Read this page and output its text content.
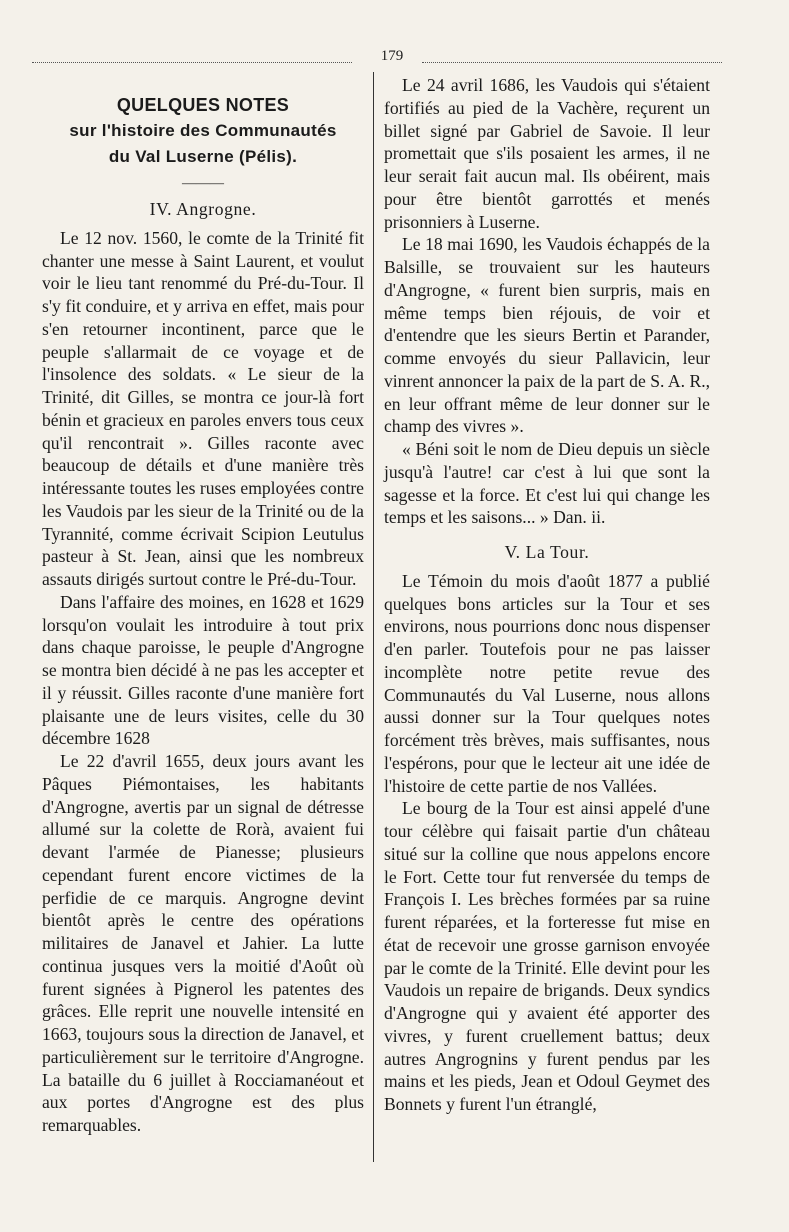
179
QUELQUES NOTES
sur l'histoire des Communautés
du Val Luserne (Pélis).
———
IV. Angrogne.

Le 12 nov. 1560, le comte de la Trinité fit chanter une messe à Saint Laurent, et voulut voir le lieu tant renommé du Pré-du-Tour. Il s'y fit conduire, et y arriva en effet, mais pour s'en retourner incontinent, parce que le peuple s'allarmait de ce voyage et de l'insolence des soldats. « Le sieur de la Trinité, dit Gilles, se montra ce jour-là fort bénin et gracieux en paroles envers tous ceux qu'il rencontrait ». Gilles raconte avec beaucoup de détails et d'une manière très intéressante toutes les ruses employées contre les Vaudois par les sieur de la Trinité ou de la Tyrannité, comme écrivait Scipion Leutulus pasteur à St. Jean, ainsi que les nombreux assauts dirigés surtout contre le Pré-du-Tour.

Dans l'affaire des moines, en 1628 et 1629 lorsqu'on voulait les introduire à tout prix dans chaque paroisse, le peuple d'Angrogne se montra bien décidé à ne pas les accepter et il y réussit. Gilles raconte d'une manière fort plaisante une de leurs visites, celle du 30 décembre 1628

Le 22 d'avril 1655, deux jours avant les Pâques Piémontaises, les habitants d'Angrogne, avertis par un signal de détresse allumé sur la colette de Rorà, avaient fui devant l'armée de Pianesse; plusieurs cependant furent encore victimes de la perfidie de ce marquis. Angrogne devint bientôt après le centre des opérations militaires de Janavel et Jahier. La lutte continua jusques vers la moitié d'Août où furent signées à Pignerol les patentes des grâces. Elle reprit une nouvelle intensité en 1663, toujours sous la direction de Janavel, et particulièrement sur le territoire d'Angrogne. La bataille du 6 juillet à Rocciamanéout et aux portes d'Angrogne est des plus remarquables.

Le 24 avril 1686, les Vaudois qui s'étaient fortifiés au pied de la Vachère, reçurent un billet signé par Gabriel de Savoie. Il leur promettait que s'ils posaient les armes, il ne leur serait fait aucun mal. Ils obéirent, mais pour être bientôt garrottés et menés prisonniers à Luserne.

Le 18 mai 1690, les Vaudois échappés de la Balsille, se trouvaient sur les hauteurs d'Angrogne, « furent bien surpris, mais en même temps bien réjouis, de voir et d'entendre que les sieurs Bertin et Parander, comme envoyés du sieur Pallavicin, leur vinrent annoncer la paix de la part de S. A. R., en leur offrant même de leur donner sur le champ des vivres ».

« Béni soit le nom de Dieu depuis un siècle jusqu'à l'autre! car c'est à lui que sont la sagesse et la force. Et c'est lui qui change les temps et les saisons... » Dan. ii.

V. La Tour.

Le Témoin du mois d'août 1877 a publié quelques bons articles sur la Tour et ses environs, nous pourrions donc nous dispenser d'en parler. Toutefois pour ne pas laisser incomplète notre petite revue des Communautés du Val Luserne, nous allons aussi donner sur la Tour quelques notes forcément très brèves, mais suffisantes, nous l'espérons, pour que le lecteur ait une idée de l'histoire de cette partie de nos Vallées.

Le bourg de la Tour est ainsi appelé d'une tour célèbre qui faisait partie d'un château situé sur la colline que nous appelons encore le Fort. Cette tour fut renversée du temps de François I. Les brèches formées par sa ruine furent réparées, et la forteresse fut mise en état de recevoir une grosse garnison envoyée par le comte de la Trinité. Elle devint pour les Vaudois un repaire de brigands. Deux syndics d'Angrogne qui y avaient été apporter des vivres, y furent cruellement battus; deux autres Angrognins y furent pendus par les mains et les pieds, Jean et Odoul Geymet des Bonnets y furent l'un étranglé,
